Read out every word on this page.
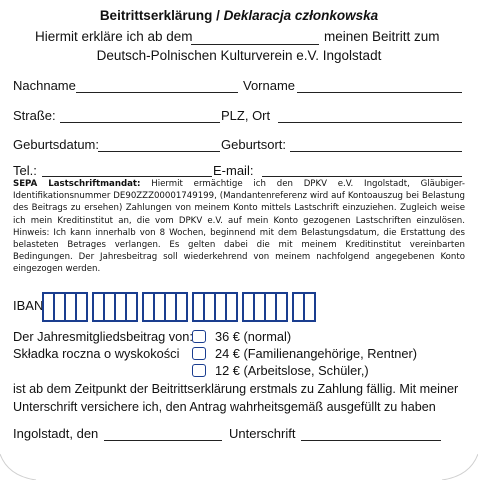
Beitrittserklärung / Deklaracja członkowska
Hiermit erkläre ich ab dem	meinen Beitritt zum
Deutsch-Polnischen Kulturverein e.V. Ingolstadt
Nachname	Vorname
Straße:	PLZ, Ort
Geburtsdatum:	Geburtsort:
Tel.:	E-mail:
SEPA Lastschriftmandat: Hiermit ermächtige ich den DPKV e.V. Ingolstadt, Gläubiger-Identifikationsnummer DE90ZZZ00001749199, (Mandantenreferenz wird auf Kontoauszug bei Belastung des Beitrags zu ersehen) Zahlungen von meinem Konto mittels Lastschrift einzuziehen. Zugleich weise ich mein Kreditinstitut an, die vom DPKV e.V. auf mein Konto gezogenen Lastschriften einzulösen. Hinweis: Ich kann innerhalb von 8 Wochen, beginnend mit dem Belastungsdatum, die Erstattung des belasteten Betrages verlangen. Es gelten dabei die mit meinem Kreditinstitut vereinbarten Bedingungen. Der Jahresbeitrag soll wiederkehrend von meinem nachfolgend angegebenen Konto eingezogen werden.
IBAN
Der Jahresmitgliedsbeitrag von:
Składka roczna o wyskokości
36 € (normal)
24 € (Familienangehörige, Rentner)
12 € (Arbeitslose, Schüler,)
ist ab dem Zeitpunkt der Beitrittserklärung erstmals zu Zahlung fällig. Mit meiner
Unterschrift versichere ich, den Antrag wahrheitsgemäß ausgefüllt zu haben
Ingolstadt, den	Unterschrift
